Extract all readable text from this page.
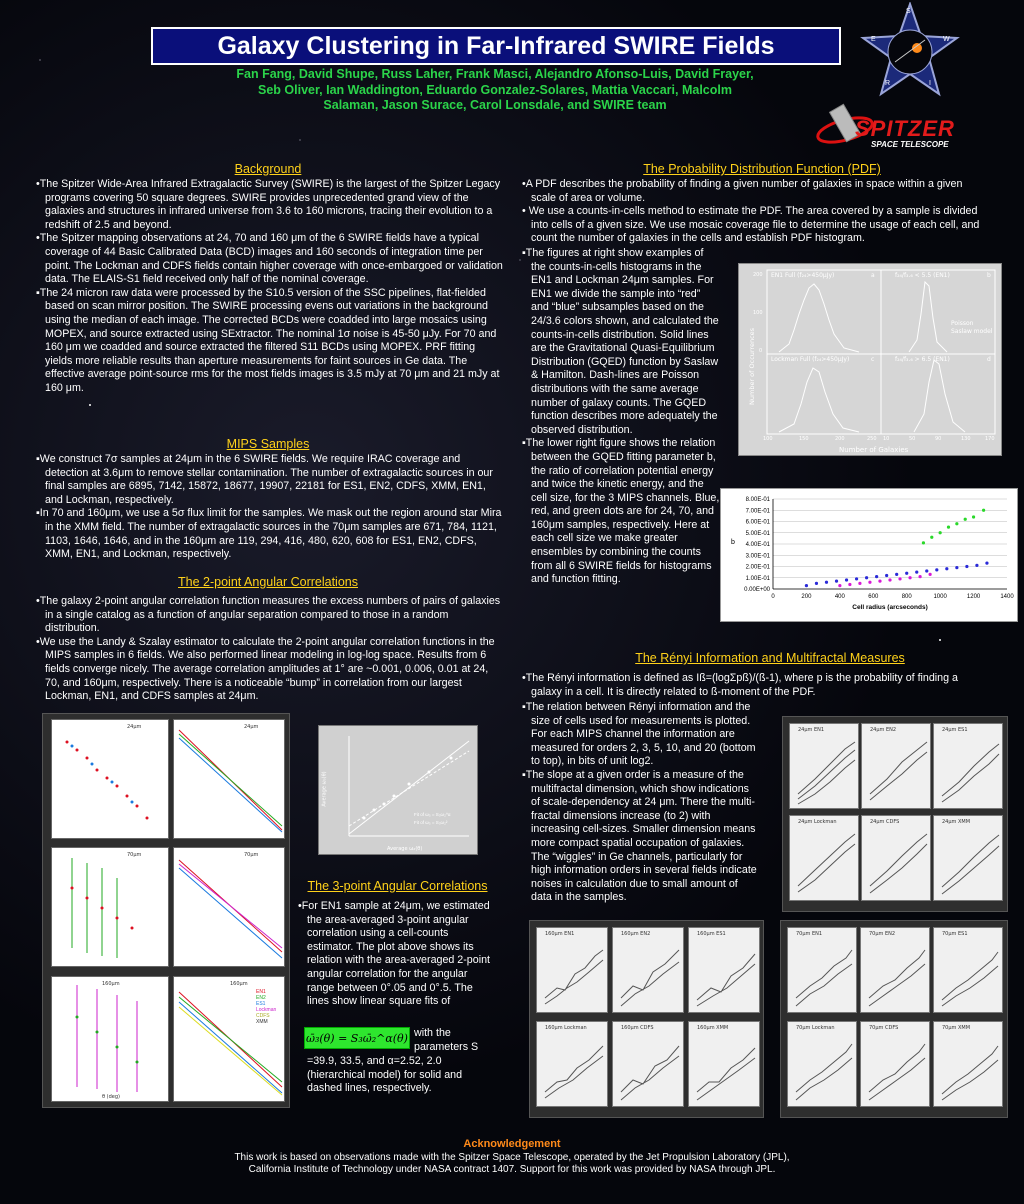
Galaxy Clustering in Far-Infrared SWIRE Fields
Fan Fang, David Shupe, Russ Laher, Frank Masci, Alejandro Afonso-Luis, David Frayer, Seb Oliver, Ian Waddington, Eduardo Gonzalez-Solares, Mattia Vaccari, Malcolm Salaman, Jason Surace, Carol Lonsdale, and SWIRE team
S
W
I
R
E
SPITZER
SPACE TELESCOPE
Background
• The Spitzer Wide-Area Infrared Extragalactic Survey (SWIRE) is the largest of the Spitzer Legacy programs covering 50 square degrees. SWIRE provides unprecedented grand view of the galaxies and structures in infrared universe from 3.6 to 160 microns, tracing their evolution to a redshift of 2.5 and beyond.
• The Spitzer mapping observations at 24, 70 and 160 μm of the 6 SWIRE fields have a typical coverage of 44 Basic Calibrated Data (BCD) images and 160 seconds of integration time per point. The Lockman and CDFS fields contain higher coverage with once-embargoed or validation data. The ELAIS-S1 field received only half of the nominal coverage.
▪ The 24 micron raw data were processed by the S10.5 version of the SSC pipelines, flat-fielded based on scan mirror position. The SWIRE processing evens out variations in the background using the median of each image. The corrected BCDs were coadded into large mosaics using MOPEX, and source extracted using SExtractor. The nominal 1σ noise is 45-50 μJy. For 70 and 160 μm we coadded and source extracted the filtered S11 BCDs using MOPEX. PRF fitting yields more reliable results than aperture measurements for faint sources in Ge data. The effective average point-source rms for the most fields images is 3.5 mJy at 70 μm and 21 mJy at 160 μm.
MIPS Samples
▪ We construct 7σ samples at 24μm in the 6 SWIRE fields. We require IRAC coverage and detection at 3.6μm to remove stellar contamination. The number of extragalactic sources in our final samples are 6895, 7142, 15872, 18677, 19907, 22181 for ES1, EN2, CDFS, XMM, EN1, and Lockman, respectively.
▪ In 70 and 160μm, we use a 5σ flux limit for the samples. We mask out the region around star Mira in the XMM field. The number of extragalactic sources in the 70μm samples are 671, 784, 1121, 1103, 1646, 1646, and in the 160μm are 119, 294, 416, 480, 620, 608 for ES1, EN2, CDFS, XMM, EN1, and Lockman, respectively.
The 2-point Angular Correlations
• The galaxy 2-point angular correlation function measures the excess numbers of pairs of galaxies in a single catalog as a function of angular separation compared to those in a random distribution.
• We use the Landy & Szalay estimator to calculate the 2-point angular correlation functions in the MIPS samples in 6 fields. We also performed linear modeling in log-log space. Results from 6 fields converge nicely. The average correlation amplitudes at 1° are ~0.001, 0.006, 0.01 at 24, 70, and 160μm, respectively. There is a noticeable “bump” in correlation from our largest Lockman, EN1, and CDFS samples at 24μm.
24μm	24μm
70μm	70μm
160μm
θ (deg)
160μm
EN1
EN2
ES1
Lockman
CDFS
XMM
Average ω₂(θ)
Average ω₃(θ)
Fit of ω₃ = S₃ω₂^α
Fit of ω₃ = S₃ω₂²
The 3-point Angular Correlations
• For EN1 sample at 24μm, we estimated the area-averaged 3-point angular correlation using a cell-counts estimator. The plot above shows its relation with the area-averaged 2-point angular correlation for the angular range between 0°.05 and 0°.5. The lines show linear square fits of
ω̄₃(θ) = S₃ω̄₂^α(θ) with the parameters S
=39.9, 33.5, and α=2.52, 2.0 (hierarchical model) for solid and dashed lines, respectively.
The Probability Distribution Function (PDF)
• A PDF describes the probability of finding a given number of galaxies in space within a given scale of area or volume.
• We use a counts-in-cells method to estimate the PDF. The area covered by a sample is divided into cells of a given size. We use mosaic coverage file to determine the usage of each cell, and count the number of galaxies in the cells and establish PDF histogram.
▪ The figures at right show examples of the counts-in-cells histograms in the EN1 and Lockman 24μm samples. For EN1 we divide the sample into “red” and “blue” subsamples based on the 24/3.6 colors shown, and calculated the counts-in-cells distribution. Solid lines are the Gravitational Quasi-Equilibrium Distribution (GQED) function by Saslaw & Hamilton. Dash-lines are Poisson distributions with the same average number of galaxy counts. The GQED function describes more adequately the observed distribution.
▪ The lower right figure shows the relation between the GQED fitting parameter b, the ratio of correlation potential energy and twice the kinetic energy, and the cell size, for the 3 MIPS channels. Blue, red, and green dots are for 24, 70, and 160μm samples, respectively. Here at each cell size we make greater ensembles by combining the counts from all 6 SWIRE fields for histograms and function fitting.
EN1 Full (f₂₄>450μJy)	a	f₂₄/f₃.₆ < 5.5 (EN1)	b
Lockman Full (f₂₄>450μJy)	c	f₂₄/f₃.₆ > 6.5 (EN1)	d
Poisson
Saslaw model
Number of Occurrences
Number of Galaxies
100	150	200	250 10	50	90	130	170
0
100
200
0.00E+00
1.00E-01
2.00E-01
3.00E-01
4.00E-01
5.00E-01
6.00E-01
7.00E-01
8.00E-01
0	200	400	600	800	1000	1200	1400
Cell radius (arcseconds)
b
The Rényi Information and Multifractal Measures
• The Rényi information is defined as Iß=(logΣpß)/(ß-1), where p is the probability of finding a galaxy in a cell. It is directly related to ß-moment of the PDF.
▪ The relation between Rényi information and the size of cells used for measurements is plotted. For each MIPS channel the information are measured for orders 2, 3, 5, 10, and 20 (bottom to top), in bits of unit log2.
▪ The slope at a given order is a measure of the multifractal dimension, which show indications of scale-dependency at 24 μm. There the multi-fractal dimensions increase (to 2) with increasing cell-sizes. Smaller dimension means more compact spatial occupation of galaxies. The “wiggles” in Ge channels, particularly for high information orders in several fields indicate noises in calculation due to small amount of data in the samples.
24μm EN1	24μm EN2	24μm ES1
24μm Lockman	24μm CDFS	24μm XMM
160μm EN1	160μm EN2	160μm ES1
160μm Lockman	160μm CDFS	160μm XMM
70μm EN1	70μm EN2	70μm ES1
70μm Lockman	70μm CDFS	70μm XMM
Acknowledgement
This work is based on observations made with the Spitzer Space Telescope, operated by the Jet Propulsion Laboratory (JPL),
California Institute of Technology under NASA contract 1407. Support for this work was provided by NASA through JPL.
